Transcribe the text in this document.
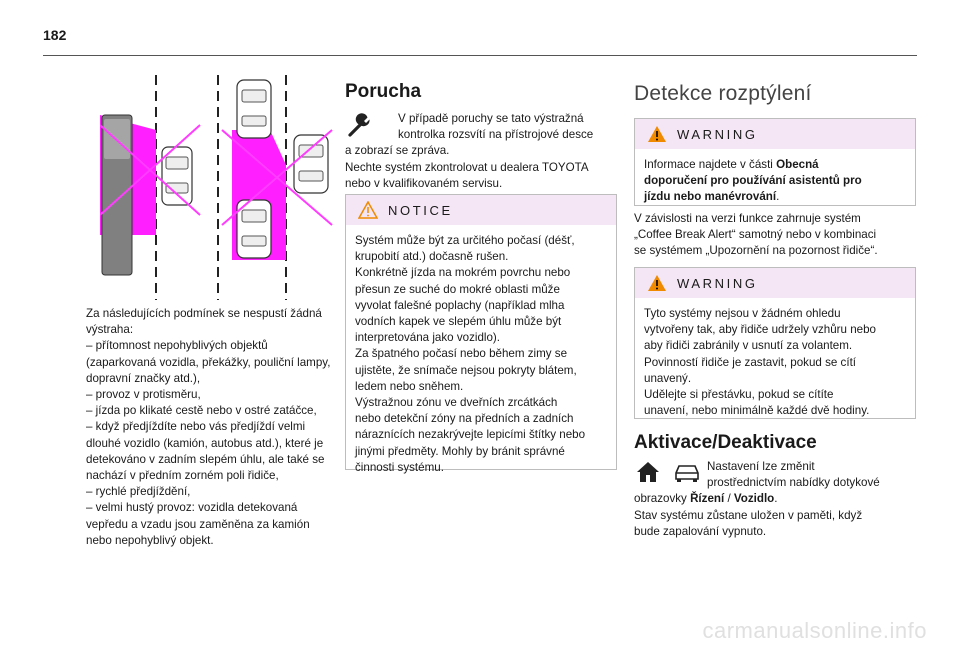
182
Za následujících podmínek se nespustí žádná
výstraha:
– přítomnost nepohyblivých objektů
(zaparkovaná vozidla, překážky, pouliční lampy,
dopravní značky atd.),
– provoz v protisměru,
– jízda po klikaté cestě nebo v ostré zatáčce,
– když předjíždíte nebo vás předjíždí velmi
dlouhé vozidlo (kamión, autobus atd.), které je
detekováno v zadním slepém úhlu, ale také se
nachází v předním zorném poli řidiče,
– rychlé předjíždění,
– velmi hustý provoz: vozidla detekovaná
vepředu a vzadu jsou zaměněna za kamión
nebo nepohyblivý objekt.
Porucha
V případě poruchy se tato výstražná
kontrolka rozsvítí na přístrojové desce
a zobrazí se zpráva.
Nechte systém zkontrolovat u dealera TOYOTA
nebo v kvalifikovaném servisu.
NOTICE
Systém může být za určitého počasí (déšť,
krupobití atd.) dočasně rušen.
Konkrétně jízda na mokrém povrchu nebo
přesun ze suché do mokré oblasti může
vyvolat falešné poplachy (například mlha
vodních kapek ve slepém úhlu může být
interpretována jako vozidlo).
Za špatného počasí nebo během zimy se
ujistěte, že snímače nejsou pokryty blátem,
ledem nebo sněhem.
Výstražnou zónu ve dveřních zrcátkách
nebo detekční zóny na předních a zadních
náraznících nezakrývejte lepicími štítky nebo
jinými předměty. Mohly by bránit správné
činnosti systému.
Detekce rozptýlení
WARNING
Informace najdete v části Obecná
doporučení pro používání asistentů pro
jízdu nebo manévrování.
V závislosti na verzi funkce zahrnuje systém
„Coffee Break Alert“ samotný nebo v kombinaci
se systémem „Upozornění na pozornost řidiče“.
WARNING
Tyto systémy nejsou v žádném ohledu
vytvořeny tak, aby řidiče udržely vzhůru nebo
aby řidiči zabránily v usnutí za volantem.
Povinností řidiče je zastavit, pokud se cítí
unavený.
Udělejte si přestávku, pokud se cítíte
unavení, nebo minimálně každé dvě hodiny.
Aktivace/Deaktivace
Nastavení lze změnit
prostřednictvím nabídky dotykové
obrazovky Řízení / Vozidlo.
Stav systému zůstane uložen v paměti, když
bude zapalování vypnuto.
carmanualsonline.info
